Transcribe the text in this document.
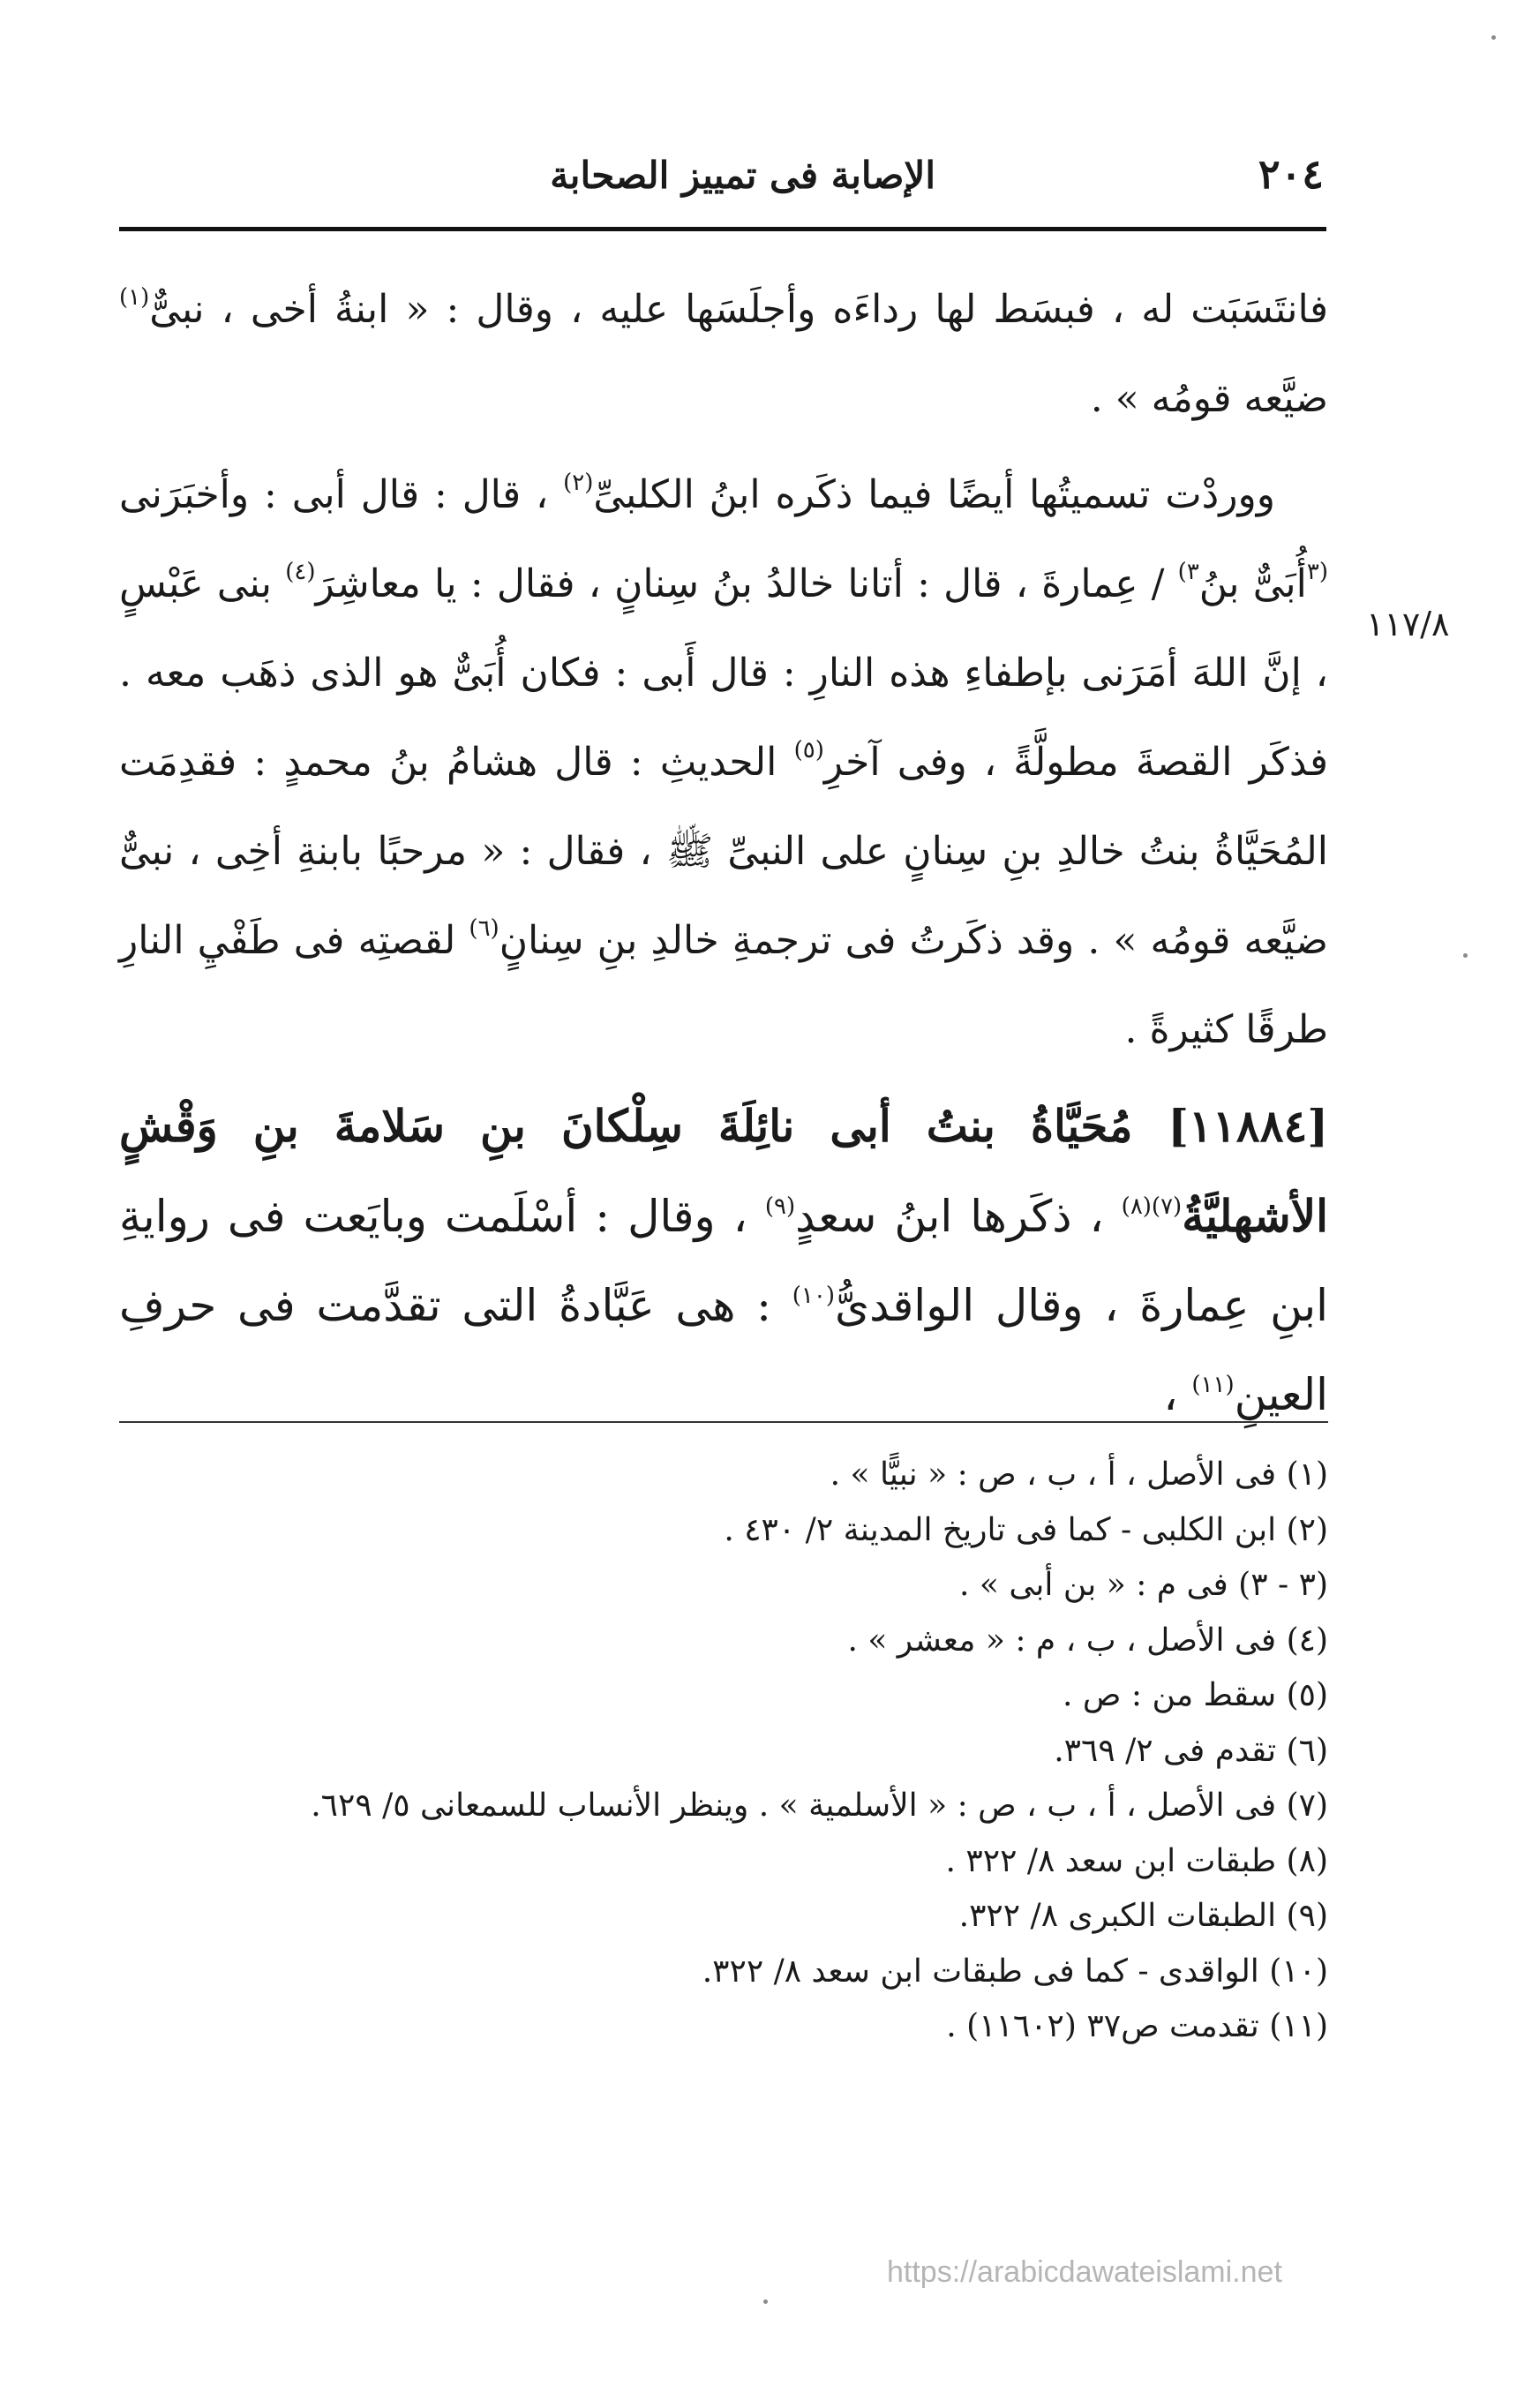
٢٠٤
الإصابة فى تمييز الصحابة
١١٧/٨

فانتَسَبَت له ، فبسَط لها رداءَه وأجلَسَها عليه ، وقال : « ابنةُ أخى ، نبىٌّ$^{(١)}$ ضيَّعه قومُه » .

ووردْت تسميتُها أيضًا فيما ذكَره ابنُ الكلبىِّ$^{(٢)}$ ، قال : قال أبى : وأخبَرَنى $^{(٣}$أُبَىٌّ بنُ$^{٣)}$ / عِمارةَ ، قال : أتانا خالدُ بنُ سِنانٍ ، فقال : يا معاشِرَ$^{(٤)}$ بنى عَبْسٍ ، إنَّ اللهَ أمَرَنى بإطفاءِ هذه النارِ : قال أَبى : فكان أُبَىٌّ هو الذى ذهَب معه . فذكَر القصةَ مطولَّةً ، وفى آخرِ$^{(٥)}$ الحديثِ : قال هشامُ بنُ محمدٍ : فقدِمَت المُحَيَّاةُ بنتُ خالدِ بنِ سِنانٍ على النبىِّ ﷺ ، فقال : « مرحبًا بابنةِ أخِى ، نبىٌّ ضيَّعه قومُه » . وقد ذكَرتُ فى ترجمةِ خالدِ بنِ سِنانٍ$^{(٦)}$ لقصتِه فى طَفْيِ النارِ طرقًا كثيرةً .

[١١٨٨٤] مُحَيَّاةُ بنتُ أبى نائِلَةَ سِلْكانَ بنِ سَلامةَ بنِ وَقْشٍ الأشهليَّةُ$^{(٧)(٨)}$ ، ذكَرها ابنُ سعدٍ$^{(٩)}$ ، وقال : أسْلَمت وبايَعت فى روايةِ ابنِ عِمارةَ ، وقال الواقدىُّ$^{(١٠)}$ : هى عَبَّادةُ التى تقدَّمت فى حرفِ العينِ$^{(١١)}$ ،

(١) فى الأصل ، أ ، ب ، ص : « نبيًّا » .
(٢) ابن الكلبى - كما فى تاريخ المدينة ٢/ ٤٣٠ .
(٣ - ٣) فى م : « بن أبى » .
(٤) فى الأصل ، ب ، م : « معشر » .
(٥) سقط من : ص .
(٦) تقدم فى ٢/ ٣٦٩.
(٧) فى الأصل ، أ ، ب ، ص : « الأسلمية » . وينظر الأنساب للسمعانى ٥/ ٦٢٩.
(٨) طبقات ابن سعد ٨/ ٣٢٢ .
(٩) الطبقات الكبرى ٨/ ٣٢٢.
(١٠) الواقدى - كما فى طبقات ابن سعد ٨/ ٣٢٢.
(١١) تقدمت ص٣٧ (١١٦٠٢) .
https://arabicdawateislami.net
